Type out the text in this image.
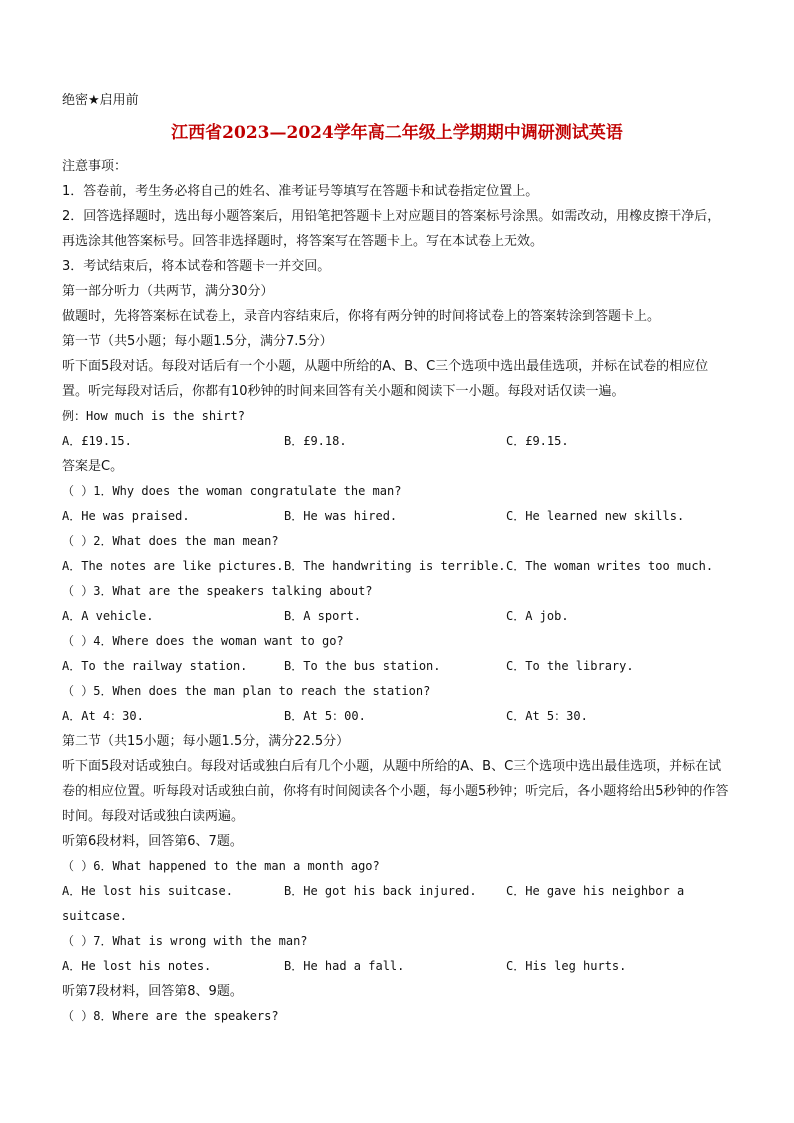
绝密★启用前
江西省2023—2024学年高二年级上学期期中调研测试英语
注意事项：
1．答卷前，考生务必将自己的姓名、准考证号等填写在答题卡和试卷指定位置上。
2．回答选择题时，选出每小题答案后，用铅笔把答题卡上对应题目的答案标号涂黑。如需改动，用橡皮擦干净后，再选涂其他答案标号。回答非选择题时，将答案写在答题卡上。写在本试卷上无效。
3．考试结束后，将本试卷和答题卡一并交回。
第一部分听力（共两节，满分30分）
做题时，先将答案标在试卷上，录音内容结束后，你将有两分钟的时间将试卷上的答案转涂到答题卡上。
第一节（共5小题；每小题1.5分，满分7.5分）
听下面5段对话。每段对话后有一个小题，从题中所给的A、B、C三个选项中选出最佳选项，并标在试卷的相应位置。听完每段对话后，你都有10秒钟的时间来回答有关小题和阅读下一小题。每段对话仅读一遍。
例：How much is the shirt?
A．£19.15.	B．£9.18.	C．£9.15.
答案是C。
（ ）1．Why does the woman congratulate the man?
A．He was praised.	B．He was hired.	C．He learned new skills.
（ ）2．What does the man mean?
A．The notes are like pictures. B．The handwriting is terrible. C．The woman writes too much.
（ ）3．What are the speakers talking about?
A．A vehicle.	B．A sport.	C．A job.
（ ）4．Where does the woman want to go?
A．To the railway station.	B．To the bus station.	C．To the library.
（ ）5．When does the man plan to reach the station?
A．At 4：30.	B．At 5：00.	C．At 5：30.
第二节（共15小题；每小题1.5分，满分22.5分）
听下面5段对话或独白。每段对话或独白后有几个小题，从题中所给的A、B、C三个选项中选出最佳选项，并标在试卷的相应位置。听每段对话或独白前，你将有时间阅读各个小题，每小题5秒钟；听完后，各小题将给出5秒钟的作答时间。每段对话或独白读两遍。
听第6段材料，回答第6、7题。
（ ）6．What happened to the man a month ago?
A．He lost his suitcase.	B．He got his back injured. C．He gave his neighbor a
suitcase.
（ ）7．What is wrong with the man?
A．He lost his notes.	B．He had a fall.	C．His leg hurts.
听第7段材料，回答第8、9题。
（ ）8．Where are the speakers?
